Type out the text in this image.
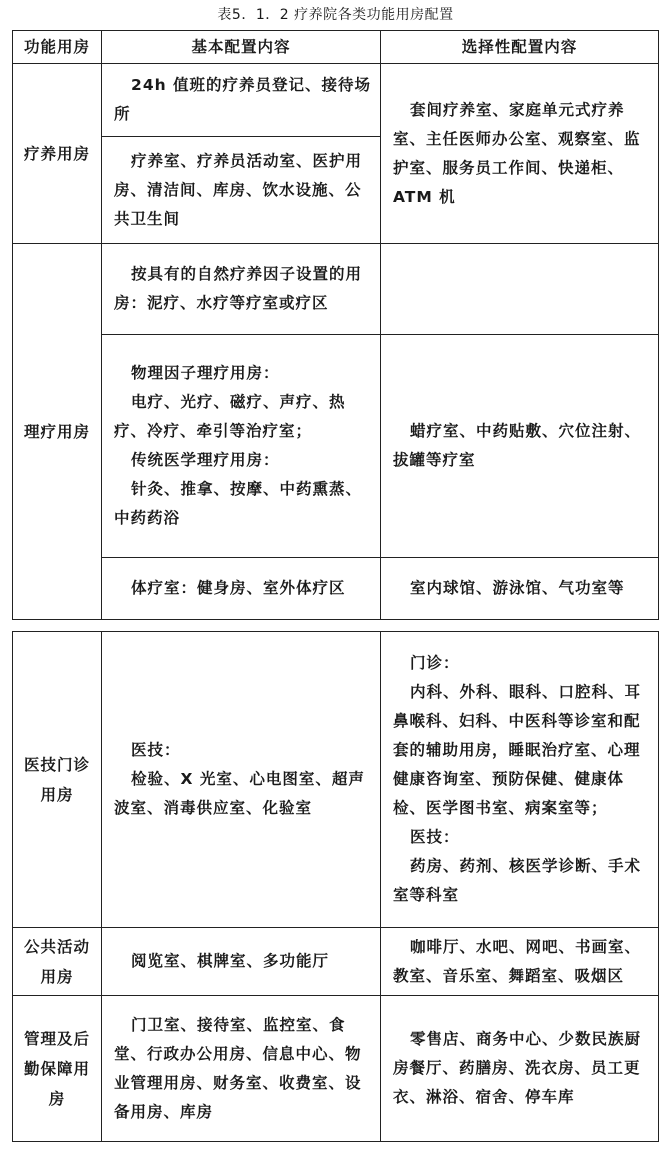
表5．1．2 疗养院各类功能用房配置
功能用房	基本配置内容	选择性配置内容
疗养用房	24h 值班的疗养员登记、接待场所	套间疗养室、家庭单元式疗养室、主任医师办公室、观察室、监护室、服务员工作间、快递柜、ATM 机

	疗养室、疗养员活动室、医护用房、清洁间、库房、饮水设施、公共卫生间	

理疗用房	按具有的自然疗养因子设置的用房：泥疗、水疗等疗室或疗区	

	物理因子理疗用房：
电疗、光疗、磁疗、声疗、热疗、冷疗、牵引等治疗室；
传统医学理疗用房：
针灸、推拿、按摩、中药熏蒸、中药药浴	蜡疗室、中药贴敷、穴位注射、拔罐等疗室

	体疗室：健身房、室外体疗区	室内球馆、游泳馆、气功室等
医技门诊用房	医技：
检验、X 光室、心电图室、超声波室、消毒供应室、化验室	门诊：
内科、外科、眼科、口腔科、耳鼻喉科、妇科、中医科等诊室和配套的辅助用房，睡眠治疗室、心理健康咨询室、预防保健、健康体检、医学图书室、病案室等；
医技：
药房、药剂、核医学诊断、手术室等科室

公共活动用房	阅览室、棋牌室、多功能厅	咖啡厅、水吧、网吧、书画室、教室、音乐室、舞蹈室、吸烟区

管理及后勤保障用房	门卫室、接待室、监控室、食堂、行政办公用房、信息中心、物业管理用房、财务室、收费室、设备用房、库房	零售店、商务中心、少数民族厨房餐厅、药膳房、洗衣房、员工更衣、淋浴、宿舍、停车库
